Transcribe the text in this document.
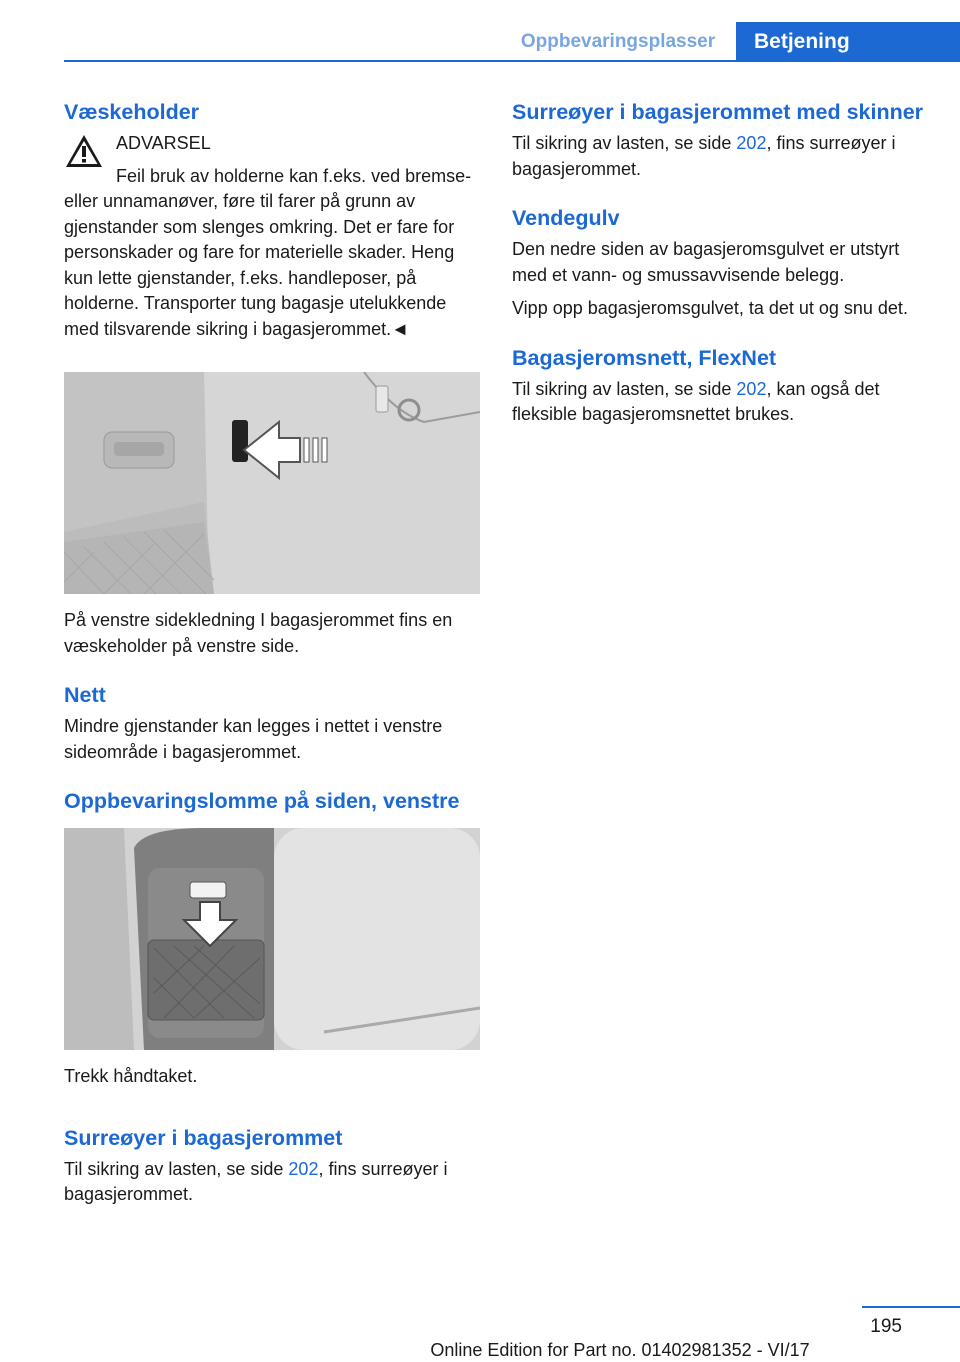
Oppbevaringsplasser	Betjening
Væskeholder
ADVARSEL

Feil bruk av holderne kan f.eks. ved bremse- eller unnamanøver, føre til farer på grunn av gjenstander som slenges omkring. Det er fare for personskader og fare for materielle skader. Heng kun lette gjenstander, f.eks. handleposer, på holderne. Transporter tung bagasje utelukkende med tilsvarende sikring i bagasjerommet.◄

På venstre sidekledning I bagasjerommet fins en væskeholder på venstre side.

Nett

Mindre gjenstander kan legges i nettet i venstre sideområde i bagasjerommet.

Oppbevaringslomme på siden, venstre

Trekk håndtaket.

Surreøyer i bagasjerommet

Til sikring av lasten, se side 202, fins surreøyer i bagasjerommet.

Surreøyer i bagasjerommet med skinner

Til sikring av lasten, se side 202, fins surreøyer i bagasjerommet.

Vendegulv

Den nedre siden av bagasjeromsgulvet er utstyrt med et vann- og smussavvisende belegg.

Vipp opp bagasjeromsgulvet, ta det ut og snu det.

Bagasjeromsnett, FlexNet

Til sikring av lasten, se side 202, kan også det fleksible bagasjeromsnettet brukes.

195
Online Edition for Part no. 01402981352 - VI/17
